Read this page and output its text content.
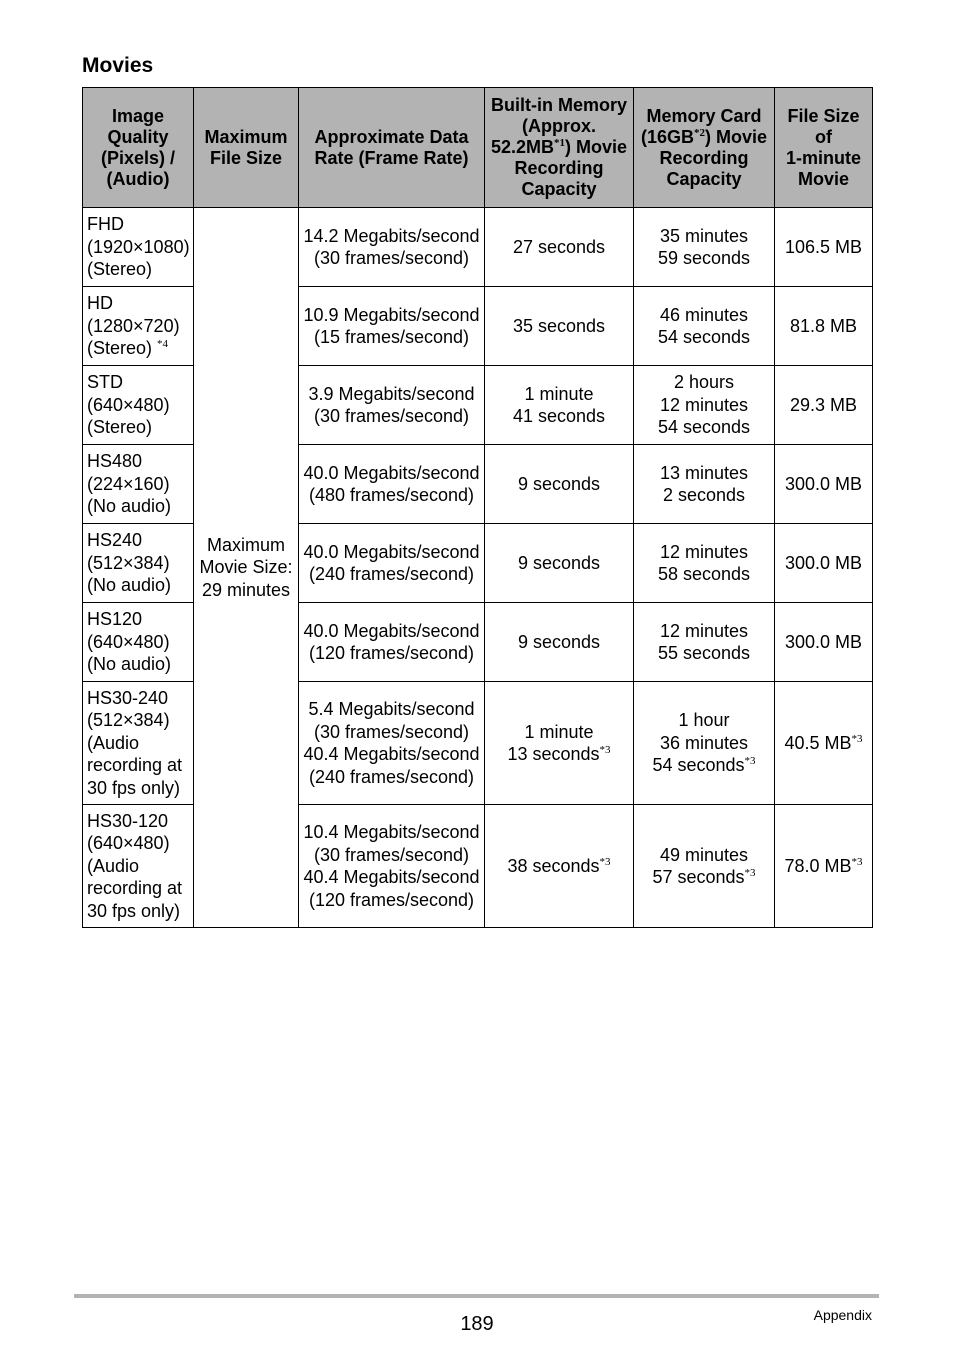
Movies
Image
Quality
(Pixels) /
(Audio)	Maximum
File Size	Approximate Data
Rate (Frame Rate)	Built-in Memory
(Approx.
52.2MB$^{*1}$) Movie
Recording
Capacity	Memory Card
(16GB$^{*2}$) Movie
Recording
Capacity	File Size
of
1-minute
Movie

FHD
(1920×1080)
(Stereo)	Maximum
Movie Size:
29 minutes	14.2 Megabits/second
(30 frames/second)	27 seconds	35 minutes
59 seconds	106.5 MB

HD
(1280×720)
(Stereo) $^{*4}$		10.9 Megabits/second
(15 frames/second)	35 seconds	46 minutes
54 seconds	81.8 MB

STD
(640×480)
(Stereo)		3.9 Megabits/second
(30 frames/second)	1 minute
41 seconds	2 hours
12 minutes
54 seconds	29.3 MB

HS480
(224×160)
(No audio)		40.0 Megabits/second
(480 frames/second)	9 seconds	13 minutes
2 seconds	300.0 MB

HS240
(512×384)
(No audio)		40.0 Megabits/second
(240 frames/second)	9 seconds	12 minutes
58 seconds	300.0 MB

HS120
(640×480)
(No audio)		40.0 Megabits/second
(120 frames/second)	9 seconds	12 minutes
55 seconds	300.0 MB

HS30-240
(512×384)
(Audio
recording at
30 fps only)		5.4 Megabits/second
(30 frames/second)
40.4 Megabits/second
(240 frames/second)	1 minute
13 seconds$^{*3}$	1 hour
36 minutes
54 seconds$^{*3}$	40.5 MB$^{*3}$

HS30-120
(640×480)
(Audio
recording at
30 fps only)		10.4 Megabits/second
(30 frames/second)
40.4 Megabits/second
(120 frames/second)	38 seconds$^{*3}$	49 minutes
57 seconds$^{*3}$	78.0 MB$^{*3}$
189	Appendix
